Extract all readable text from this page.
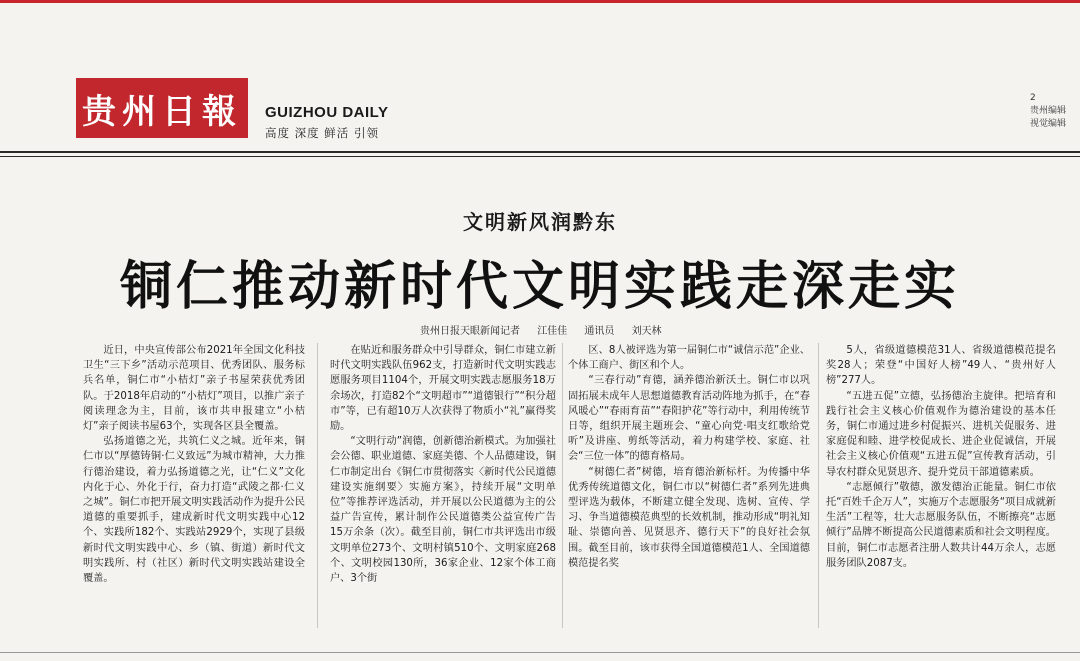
贵州日報	GUIZHOU DAILY
高度 深度 鲜活 引领
2
贵州编辑
视觉编辑
文明新风润黔东
铜仁推动新时代文明实践走深走实
贵州日报天眼新闻记者 江佳佳 通讯员 刘天林

近日，中央宣传部公布2021年全国文化科技卫生“三下乡”活动示范项目、优秀团队、服务标兵名单，铜仁市“小桔灯”亲子书屋荣获优秀团队。于2018年启动的“小桔灯”项目，以推广亲子阅读理念为主，目前，该市共申报建立“小桔灯”亲子阅读书屋63个，实现各区县全覆盖。

弘扬道德之光，共筑仁义之城。近年来，铜仁市以“厚德铸铜·仁义致远”为城市精神，大力推行德治建设，着力弘扬道德之光，让“仁义”文化内化于心、外化于行，奋力打造“武陵之都·仁义之城”。铜仁市把开展文明实践活动作为提升公民道德的重要抓手，建成新时代文明实践中心12个、实践所182个、实践站2929个，实现了县级新时代文明实践中心、乡（镇、街道）新时代文明实践所、村（社区）新时代文明实践站建设全覆盖。

在贴近和服务群众中引导群众，铜仁市建立新时代文明实践队伍962支，打造新时代文明实践志愿服务项目1104个，开展文明实践志愿服务18万余场次，打造82个“文明超市”“道德银行”“积分超市”等，已有超10万人次获得了物质小“礼”赢得奖励。

“文明行动”润德，创新德治新模式。为加强社会公德、职业道德、家庭美德、个人品德建设，铜仁市制定出台《铜仁市贯彻落实〈新时代公民道德建设实施纲要〉实施方案》，持续开展“文明单位”等推荐评选活动，并开展以公民道德为主的公益广告宣传，累计制作公民道德类公益宣传广告15万余条（次）。截至目前，铜仁市共评选出市级文明单位273个、文明村镇510个、文明家庭268个、文明校园130所，36家企业、12家个体工商户、3个街

区、8人被评选为第一届铜仁市“诚信示范”企业、个体工商户、街区和个人。

“三春行动”育德，涵养德治新沃土。铜仁市以巩固拓展未成年人思想道德教育活动阵地为抓手，在“春风暖心”“春雨育苗”“春阳护花”等行动中，利用传统节日等，组织开展主题班会、“童心向党·唱支红歌给党听”及讲座、剪纸等活动，着力构建学校、家庭、社会“三位一体”的德育格局。

“树德仁者”树德，培育德治新标杆。为传播中华优秀传统道德文化，铜仁市以“树德仁者”系列先进典型评选为载体，不断建立健全发现、选树、宣传、学习、争当道德模范典型的长效机制，推动形成“明礼知耻、崇德向善、见贤思齐、德行天下”的良好社会氛围。截至目前，该市获得全国道德模范1人、全国道德模范提名奖

5人，省级道德模范31人、省级道德模范提名奖28人；荣登“中国好人榜”49人、“贵州好人榜”277人。

“五进五促”立德，弘扬德治主旋律。把培育和践行社会主义核心价值观作为德治建设的基本任务，铜仁市通过进乡村促振兴、进机关促服务、进家庭促和睦、进学校促成长、进企业促诚信，开展社会主义核心价值观“五进五促”宣传教育活动，引导农村群众见贤思齐、提升党员干部道德素质。

“志愿倾行”敬德，激发德治正能量。铜仁市依托“百姓千企万人”，实施万个志愿服务“项目成就新生活”工程等，壮大志愿服务队伍，不断擦亮“志愿倾行”品牌不断提高公民道德素质和社会文明程度。目前，铜仁市志愿者注册人数共计44万余人，志愿服务团队2087支。
